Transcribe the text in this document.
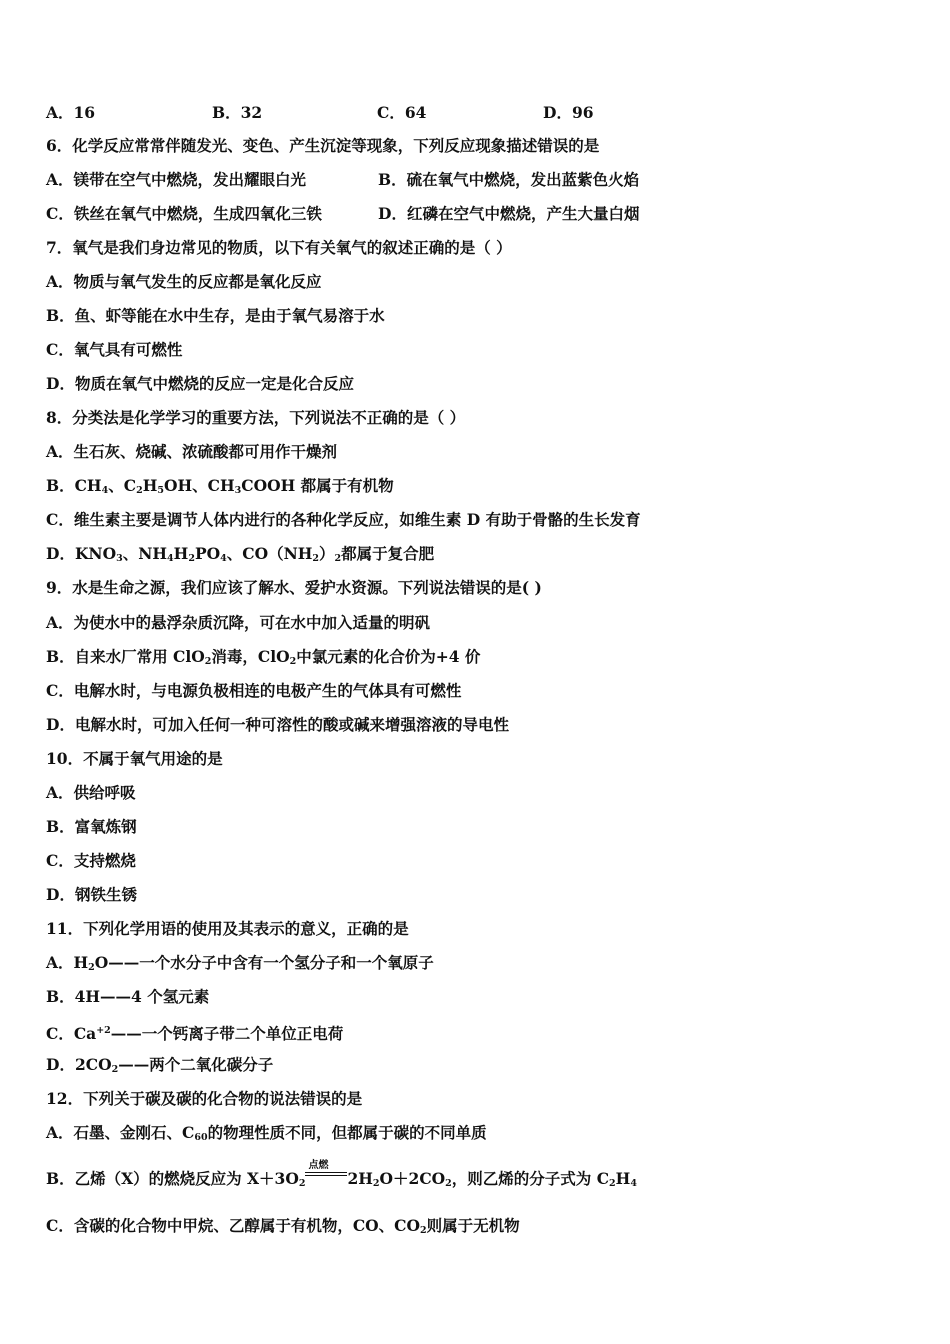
A．16	B．32	C．64	D．96
6．化学反应常常伴随发光、变色、产生沉淀等现象，下列反应现象描述错误的是
A．镁带在空气中燃烧，发出耀眼白光	B．硫在氧气中燃烧，发出蓝紫色火焰
C．铁丝在氧气中燃烧，生成四氧化三铁	D．红磷在空气中燃烧，产生大量白烟
7．氧气是我们身边常见的物质，以下有关氧气的叙述正确的是（ ）
A．物质与氧气发生的反应都是氧化反应
B．鱼、虾等能在水中生存，是由于氧气易溶于水
C．氧气具有可燃性
D．物质在氧气中燃烧的反应一定是化合反应
8．分类法是化学学习的重要方法，下列说法不正确的是（ ）
A．生石灰、烧碱、浓硫酸都可用作干燥剂
B．$CH_4$、$C_2H_5OH$、$CH_3COOH$ 都属于有机物
C．维生素主要是调节人体内进行的各种化学反应，如维生素 D 有助于骨骼的生长发育
D．$KNO_3$、$NH_4H_2PO_4$、$CO(NH_2)_2$都属于复合肥
9．水是生命之源，我们应该了解水、爱护水资源。下列说法错误的是( )
A．为使水中的悬浮杂质沉降，可在水中加入适量的明矾
B．自来水厂常用 ClO$_2$消毒，ClO$_2$中氯元素的化合价为+4 价
C．电解水时，与电源负极相连的电极产生的气体具有可燃性
D．电解水时，可加入任何一种可溶性的酸或碱来增强溶液的导电性
10．不属于氧气用途的是
A．供给呼吸
B．富氧炼钢
C．支持燃烧
D．钢铁生锈
11．下列化学用语的使用及其表示的意义，正确的是
A．$H_2O——$一个水分子中含有一个氢分子和一个氧原子
B．4H——4 个氢元素
C．$Ca^{+2}——$一个钙离子带二个单位正电荷
D．$2CO_2——$两个二氧化碳分子
12．下列关于碳及碳的化合物的说法错误的是
A．石墨、金刚石、$C_{60}$的物理性质不同，但都属于碳的不同单质
B．乙烯（X）的燃烧反应为 $X+3O_2$
点燃
$2H_2O+2CO_2$，则乙烯的分子式为 $C_2H_4$
C．含碳的化合物中甲烷、乙醇属于有机物，CO、$CO_2$则属于无机物
